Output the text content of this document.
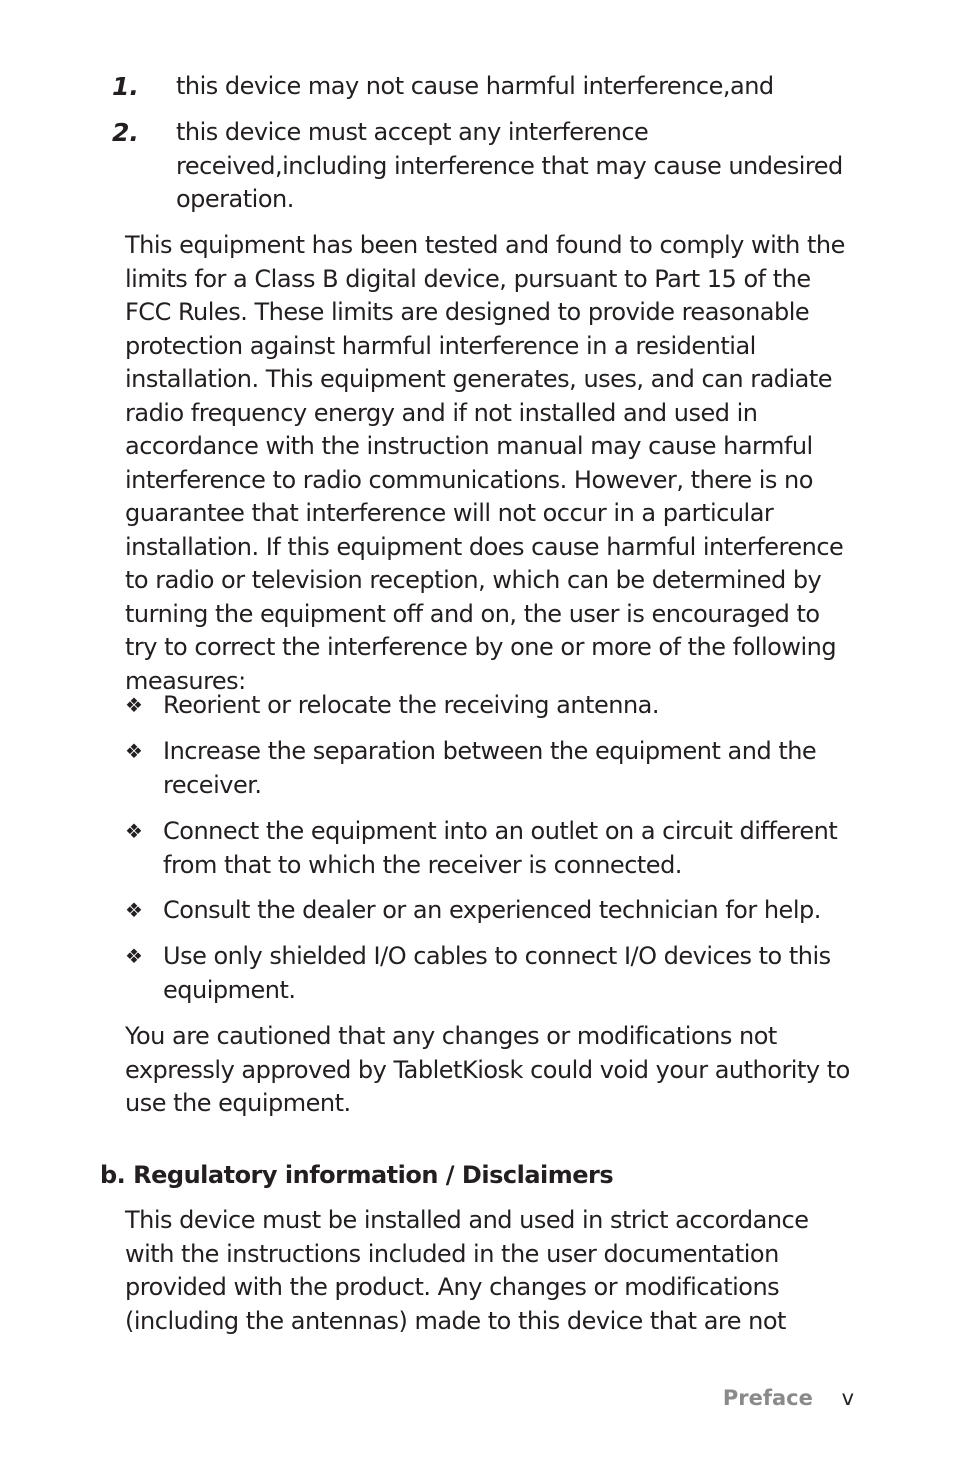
1. this device may not cause harmful interference,and
2. this device must accept any interference received,including interference that may cause undesired operation.
This equipment has been tested and found to comply with the limits for a Class B digital device, pursuant to Part 15 of the FCC Rules. These limits are designed to provide reasonable protection against harmful interference in a residential installation. This equipment generates, uses, and can radiate radio frequency energy and if not installed and used in accordance with the instruction manual may cause harmful interference to radio communications. However, there is no guarantee that interference will not occur in a particular installation. If this equipment does cause harmful interference to radio or television reception, which can be determined by turning the equipment off and on, the user is encouraged to try to correct the interference by one or more of the following measures:
❖ Reorient or relocate the receiving antenna.
❖ Increase the separation between the equipment and the receiver.
❖ Connect the equipment into an outlet on a circuit different from that to which the receiver is connected.
❖ Consult the dealer or an experienced technician for help.
❖ Use only shielded I/O cables to connect I/O devices to this equipment.
You are cautioned that any changes or modifications not expressly approved by TabletKiosk could void your authority to use the equipment.
b. Regulatory information / Disclaimers
This device must be installed and used in strict accordance with the instructions included in the user documentation provided with the product. Any changes or modifications (including the antennas) made to this device that are not
Preface v
